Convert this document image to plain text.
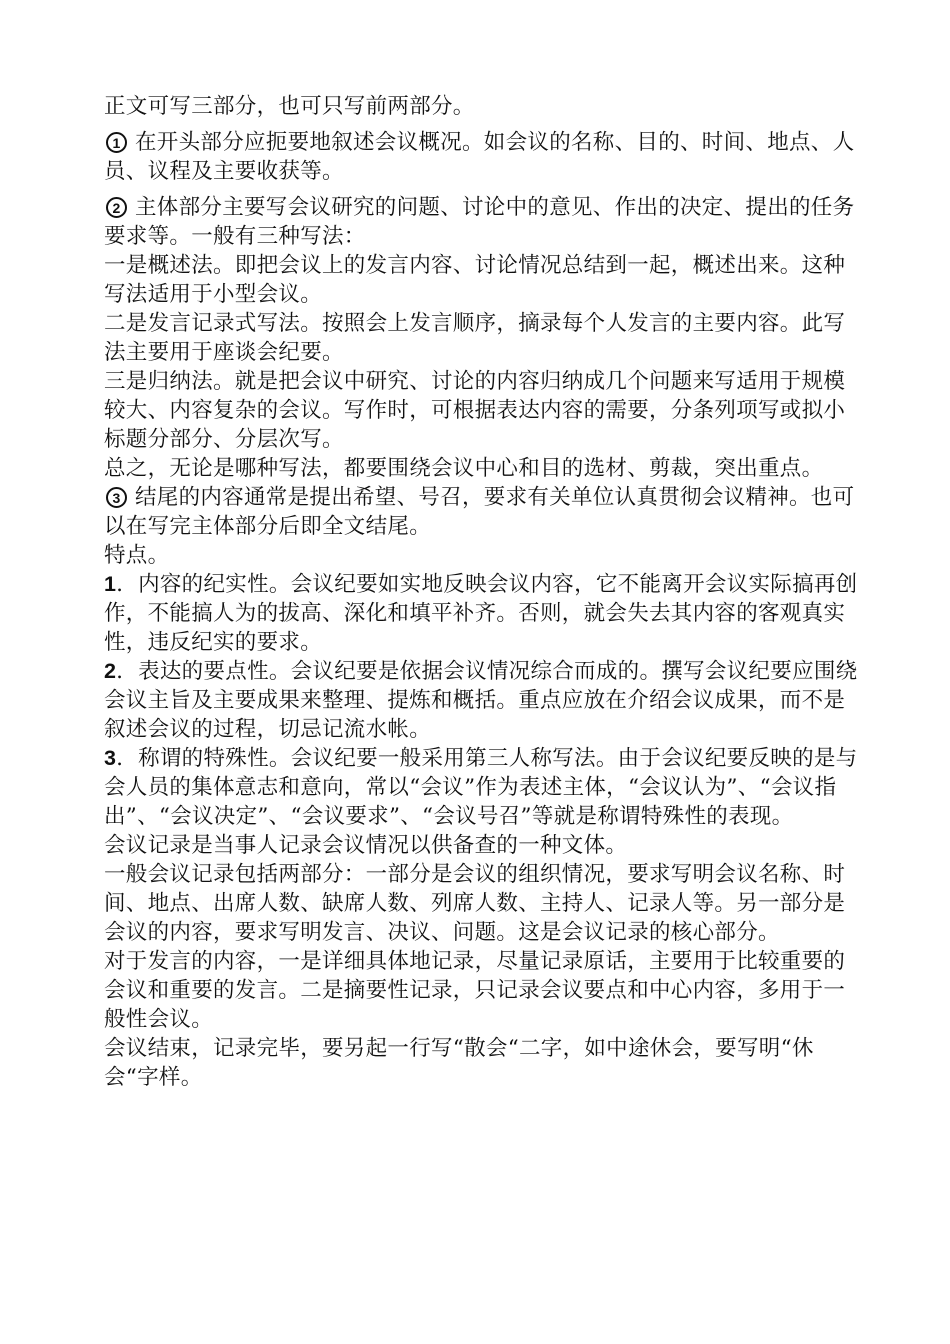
正文可写三部分，也可只写前两部分。

1 在开头部分应扼要地叙述会议概况。如会议的名称、目的、时间、地点、人员、议程及主要收获等。

2 主体部分主要写会议研究的问题、讨论中的意见、作出的决定、提出的任务要求等。一般有三种写法：

一是概述法。即把会议上的发言内容、讨论情况总结到一起，概述出来。这种写法适用于小型会议。

二是发言记录式写法。按照会上发言顺序，摘录每个人发言的主要内容。此写法主要用于座谈会纪要。

三是归纳法。就是把会议中研究、讨论的内容归纳成几个问题来写适用于规模较大、内容复杂的会议。写作时，可根据表达内容的需要，分条列项写或拟小标题分部分、分层次写。

总之，无论是哪种写法，都要围绕会议中心和目的选材、剪裁，突出重点。

3 结尾的内容通常是提出希望、号召，要求有关单位认真贯彻会议精神。也可以在写完主体部分后即全文结尾。

特点。

1．内容的纪实性。会议纪要如实地反映会议内容，它不能离开会议实际搞再创作，不能搞人为的拔高、深化和填平补齐。否则，就会失去其内容的客观真实性，违反纪实的要求。

2．表达的要点性。会议纪要是依据会议情况综合而成的。撰写会议纪要应围绕会议主旨及主要成果来整理、提炼和概括。重点应放在介绍会议成果，而不是叙述会议的过程，切忌记流水帐。

3．称谓的特殊性。会议纪要一般采用第三人称写法。由于会议纪要反映的是与会人员的集体意志和意向，常以“会议”作为表述主体，“会议认为”、“会议指出”、“会议决定”、“会议要求”、“会议号召”等就是称谓特殊性的表现。

会议记录是当事人记录会议情况以供备查的一种文体。

一般会议记录包括两部分：一部分是会议的组织情况，要求写明会议名称、时间、地点、出席人数、缺席人数、列席人数、主持人、记录人等。另一部分是会议的内容，要求写明发言、决议、问题。这是会议记录的核心部分。

对于发言的内容，一是详细具体地记录，尽量记录原话，主要用于比较重要的会议和重要的发言。二是摘要性记录，只记录会议要点和中心内容，多用于一般性会议。

会议结束，记录完毕，要另起一行写“散会“二字，如中途休会，要写明“休会“字样。
